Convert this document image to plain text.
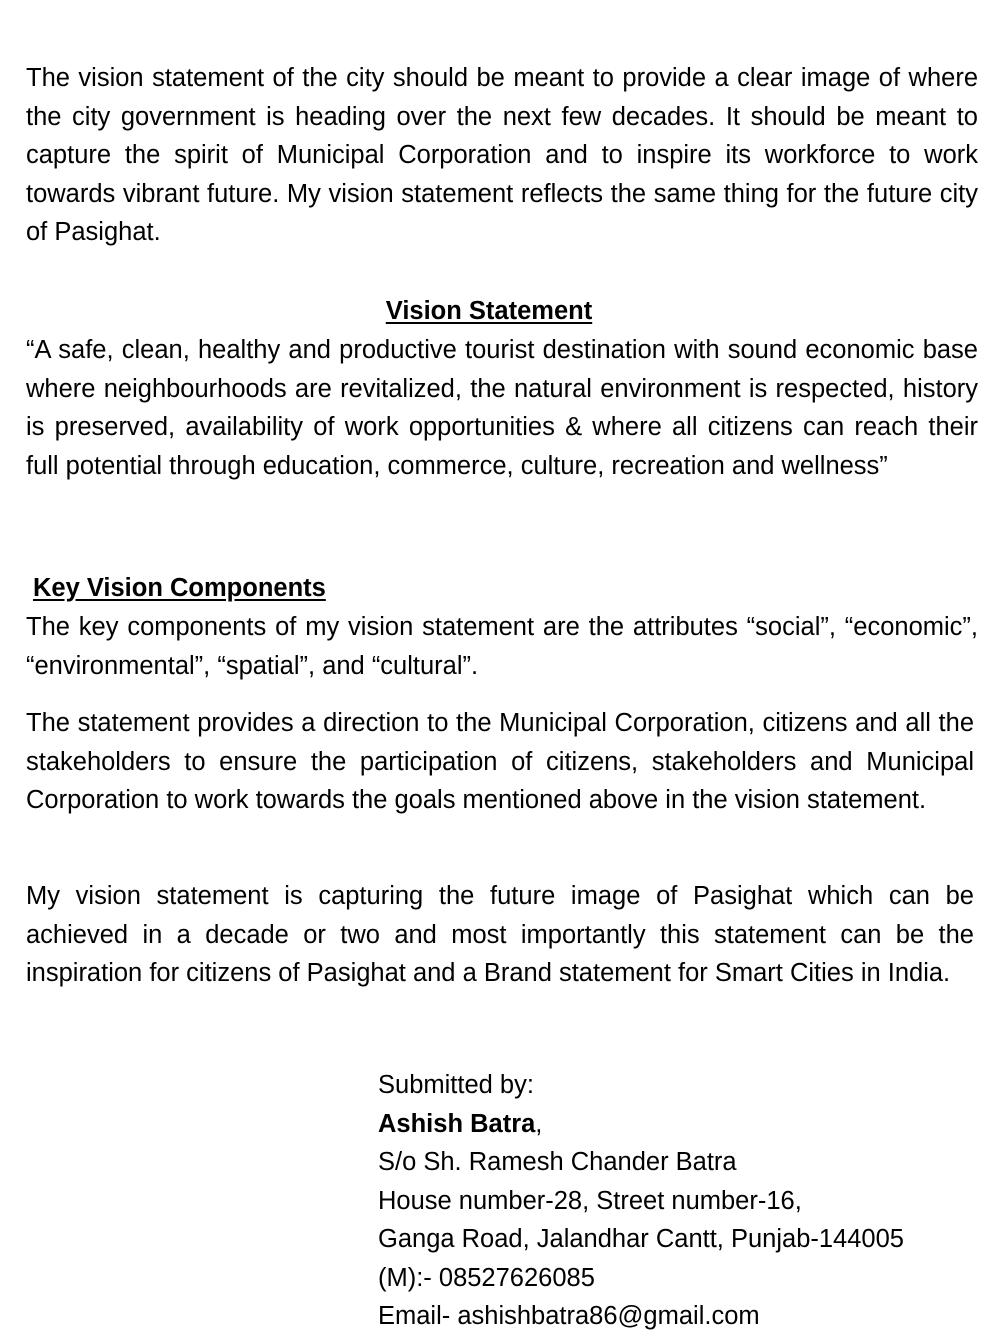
The vision statement of the city should be meant to provide a clear image of where the city government is heading over the next few decades. It should be meant to capture the spirit of Municipal Corporation and to inspire its workforce to work towards vibrant future. My vision statement reflects the same thing for the future city of Pasighat.

Vision Statement

“A safe, clean, healthy and productive tourist destination with sound economic base where neighbourhoods are revitalized, the natural environment is respected, history is preserved, availability of work opportunities & where all citizens can reach their full potential through education, commerce, culture, recreation and wellness”

Key Vision Components

The key components of my vision statement are the attributes “social”, “economic”, “environmental”, “spatial”, and “cultural”.

The statement provides a direction to the Municipal Corporation, citizens and all the stakeholders to ensure the participation of citizens, stakeholders and Municipal Corporation to work towards the goals mentioned above in the vision statement.

My vision statement is capturing the future image of Pasighat which can be achieved in a decade or two and most importantly this statement can be the inspiration for citizens of Pasighat and a Brand statement for Smart Cities in India.

Submitted by:
Ashish Batra,
S/o Sh. Ramesh Chander Batra
House number-28, Street number-16,
Ganga Road, Jalandhar Cantt, Punjab-144005
(M):- 08527626085
Email- ashishbatra86@gmail.com
